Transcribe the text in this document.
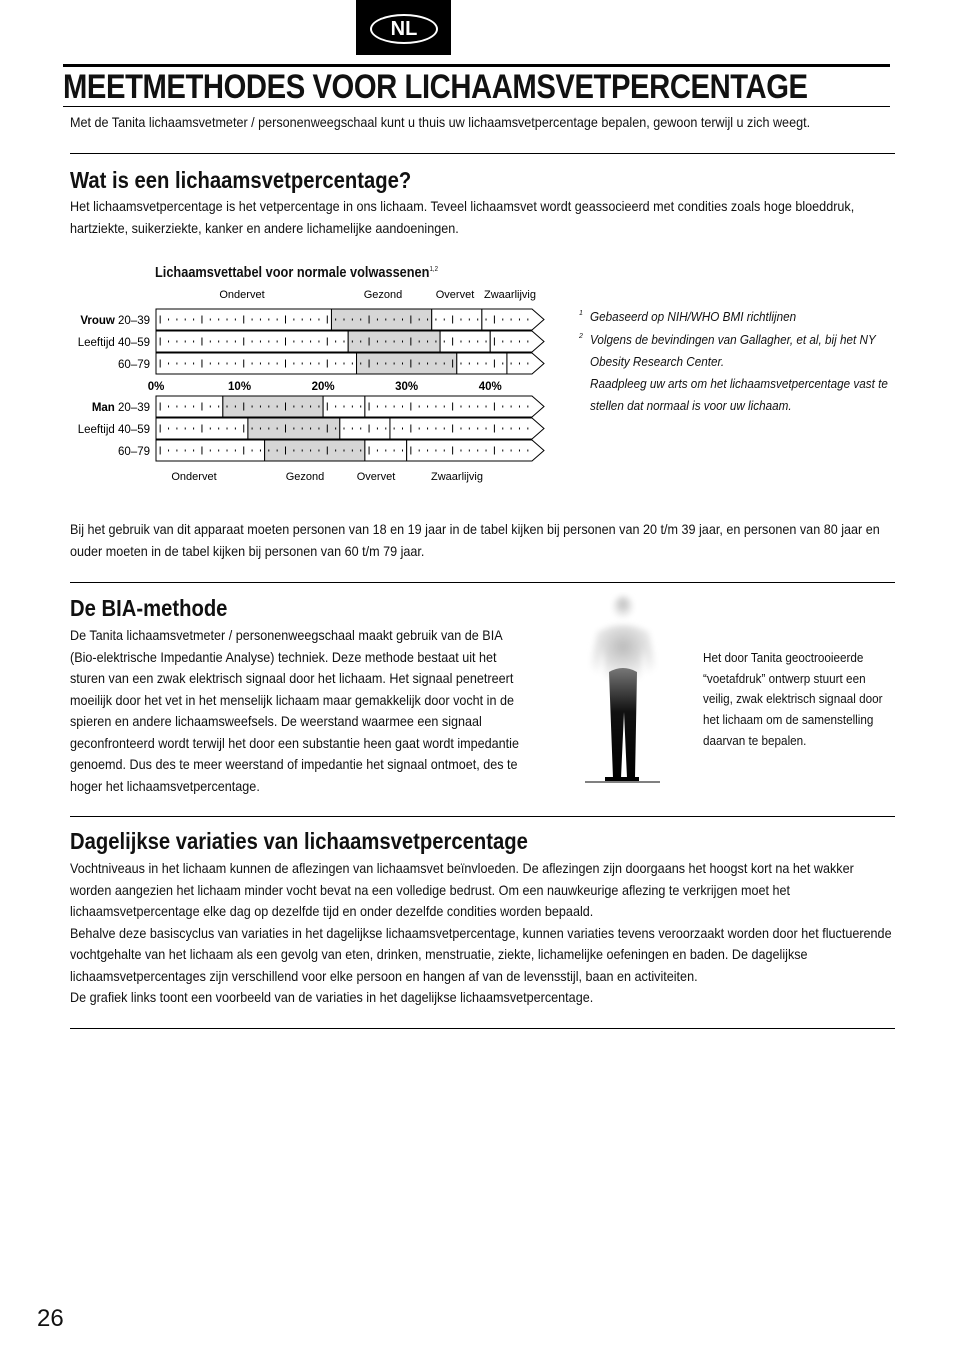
NL
MEETMETHODES VOOR LICHAAMSVETPERCENTAGE
Met de Tanita lichaamsvetmeter / personenweegschaal kunt u thuis uw lichaamsvetpercentage bepalen, gewoon terwijl u zich weegt.
Wat is een lichaamsvetpercentage?
Het lichaamsvetpercentage is het vetpercentage in ons lichaam. Teveel lichaamsvet wordt geassocieerd met condities zoals hoge bloeddruk, hartziekte, suikerziekte, kanker en andere lichamelijke aandoeningen.
Lichaamsvettabel voor normale volwassenen$^{1,2}$
Ondervet	Gezond	Overvet Zwaarlijvig
Vrouw 20–39
Leeftijd 40–59
60–79
0%	10%	20%	30%	40%
Man 20–39
Leeftijd 40–59
60–79
Ondervet	Gezond	Overvet	Zwaarlijvig
1 Gebaseerd op NIH/WHO BMI richtlijnen
2 Volgens de bevindingen van Gallagher, et al, bij het NY Obesity Research Center.
Raadpleeg uw arts om het lichaamsvetpercentage vast te stellen dat normaal is voor uw lichaam.
Bij het gebruik van dit apparaat moeten personen van 18 en 19 jaar in de tabel kijken bij personen van 20 t/m 39 jaar, en personen van 80 jaar en ouder moeten in de tabel kijken bij personen van 60 t/m 79 jaar.
De BIA-methode
De Tanita lichaamsvetmeter / personenweegschaal maakt gebruik van de BIA (Bio-elektrische Impedantie Analyse) techniek. Deze methode bestaat uit het sturen van een zwak elektrisch signaal door het lichaam. Het signaal penetreert moeilijk door het vet in het menselijk lichaam maar gemakkelijk door vocht in de spieren en andere lichaamsweefsels. De weerstand waarmee een signaal geconfronteerd wordt terwijl het door een substantie heen gaat wordt impedantie genoemd. Dus des te meer weerstand of impedantie het signaal ontmoet, des te hoger het lichaamsvetpercentage.
Het door Tanita geoctrooieerde “voetafdruk” ontwerp stuurt een veilig, zwak elektrisch signaal door het lichaam om de samenstelling daarvan te bepalen.
Dagelijkse variaties van lichaamsvetpercentage
Vochtniveaus in het lichaam kunnen de aflezingen van lichaamsvet beïnvloeden. De aflezingen zijn doorgaans het hoogst kort na het wakker worden aangezien het lichaam minder vocht bevat na een volledige bedrust. Om een nauwkeurige aflezing te verkrijgen moet het lichaamsvetpercentage elke dag op dezelfde tijd en onder dezelfde condities worden bepaald.
Behalve deze basiscyclus van variaties in het dagelijkse lichaamsvetpercentage, kunnen variaties tevens veroorzaakt worden door het fluctuerende vochtgehalte van het lichaam als een gevolg van eten, drinken, menstruatie, ziekte, lichamelijke oefeningen en baden. De dagelijkse lichaamsvetpercentages zijn verschillend voor elke persoon en hangen af van de levensstijl, baan en activiteiten.
De grafiek links toont een voorbeeld van de variaties in het dagelijkse lichaamsvetpercentage.
26
